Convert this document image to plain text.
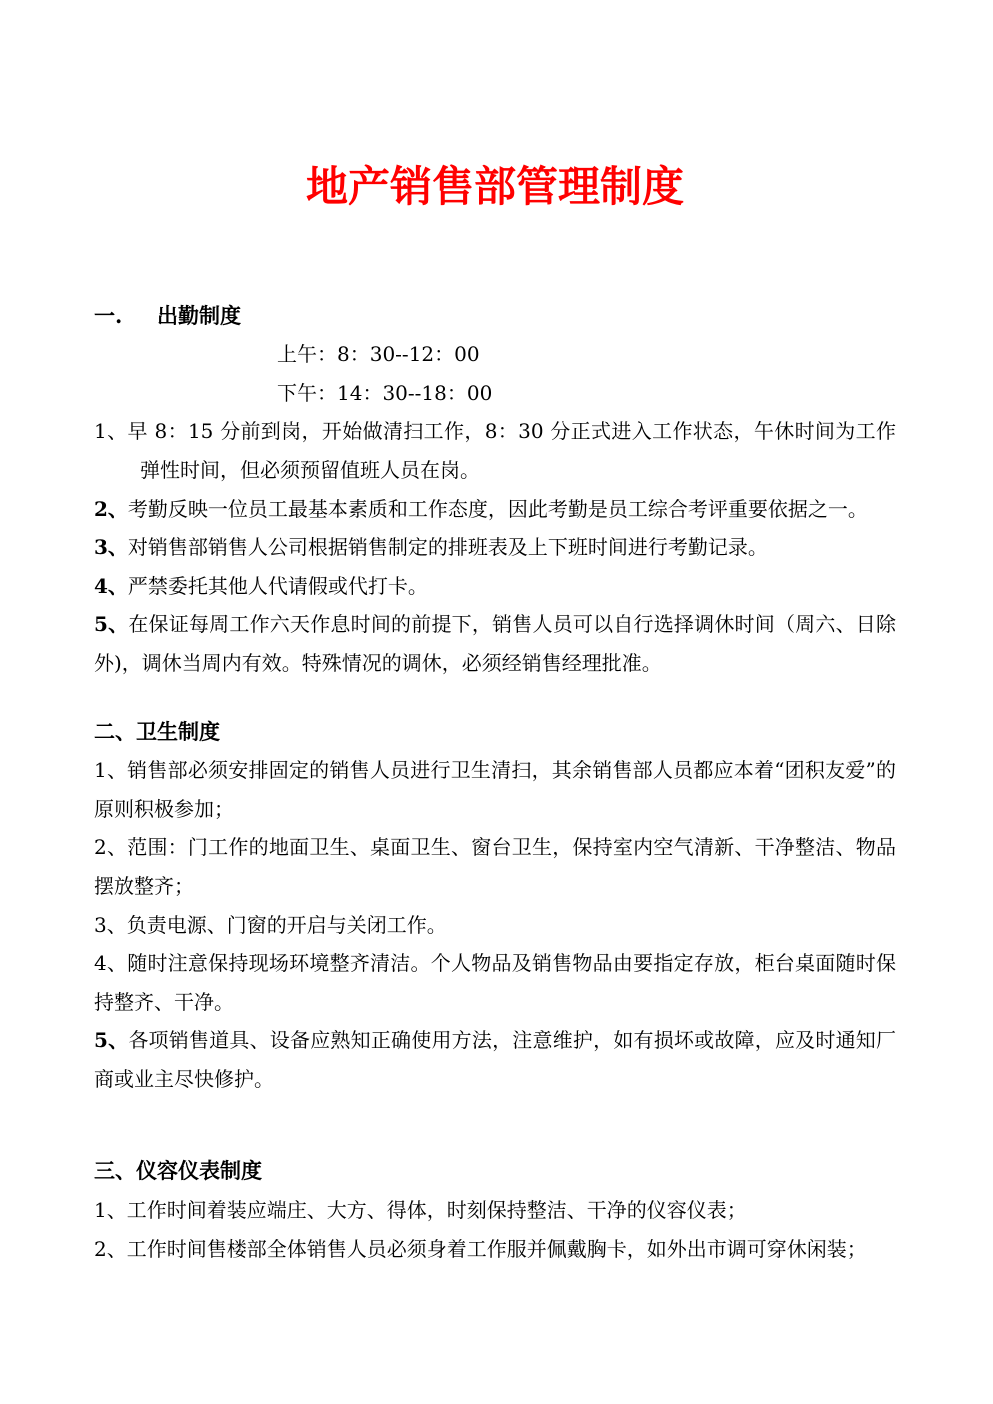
地产销售部管理制度

一. 出勤制度

上午：8：30--12：00

下午：14：30--18：00

1、早 8：15 分前到岗，开始做清扫工作，8：30 分正式进入工作状态，午休时间为工作弹性时间，但必须预留值班人员在岗。

2、考勤反映一位员工最基本素质和工作态度，因此考勤是员工综合考评重要依据之一。

3、对销售部销售人公司根据销售制定的排班表及上下班时间进行考勤记录。

4、严禁委托其他人代请假或代打卡。

5、在保证每周工作六天作息时间的前提下，销售人员可以自行选择调休时间（周六、日除外)，调休当周内有效。特殊情况的调休，必须经销售经理批准。

二、卫生制度

1、销售部必须安排固定的销售人员进行卫生清扫，其余销售部人员都应本着“团积友爱”的原则积极参加；

2、范围：门工作的地面卫生、桌面卫生、窗台卫生，保持室内空气清新、干净整洁、物品摆放整齐；

3、负责电源、门窗的开启与关闭工作。

4、随时注意保持现场环境整齐清洁。个人物品及销售物品由要指定存放，柜台桌面随时保持整齐、干净。

5、各项销售道具、设备应熟知正确使用方法，注意维护，如有损坏或故障，应及时通知厂商或业主尽快修护。

三、仪容仪表制度

1、工作时间着装应端庄、大方、得体，时刻保持整洁、干净的仪容仪表；

2、工作时间售楼部全体销售人员必须身着工作服并佩戴胸卡，如外出市调可穿休闲装；
